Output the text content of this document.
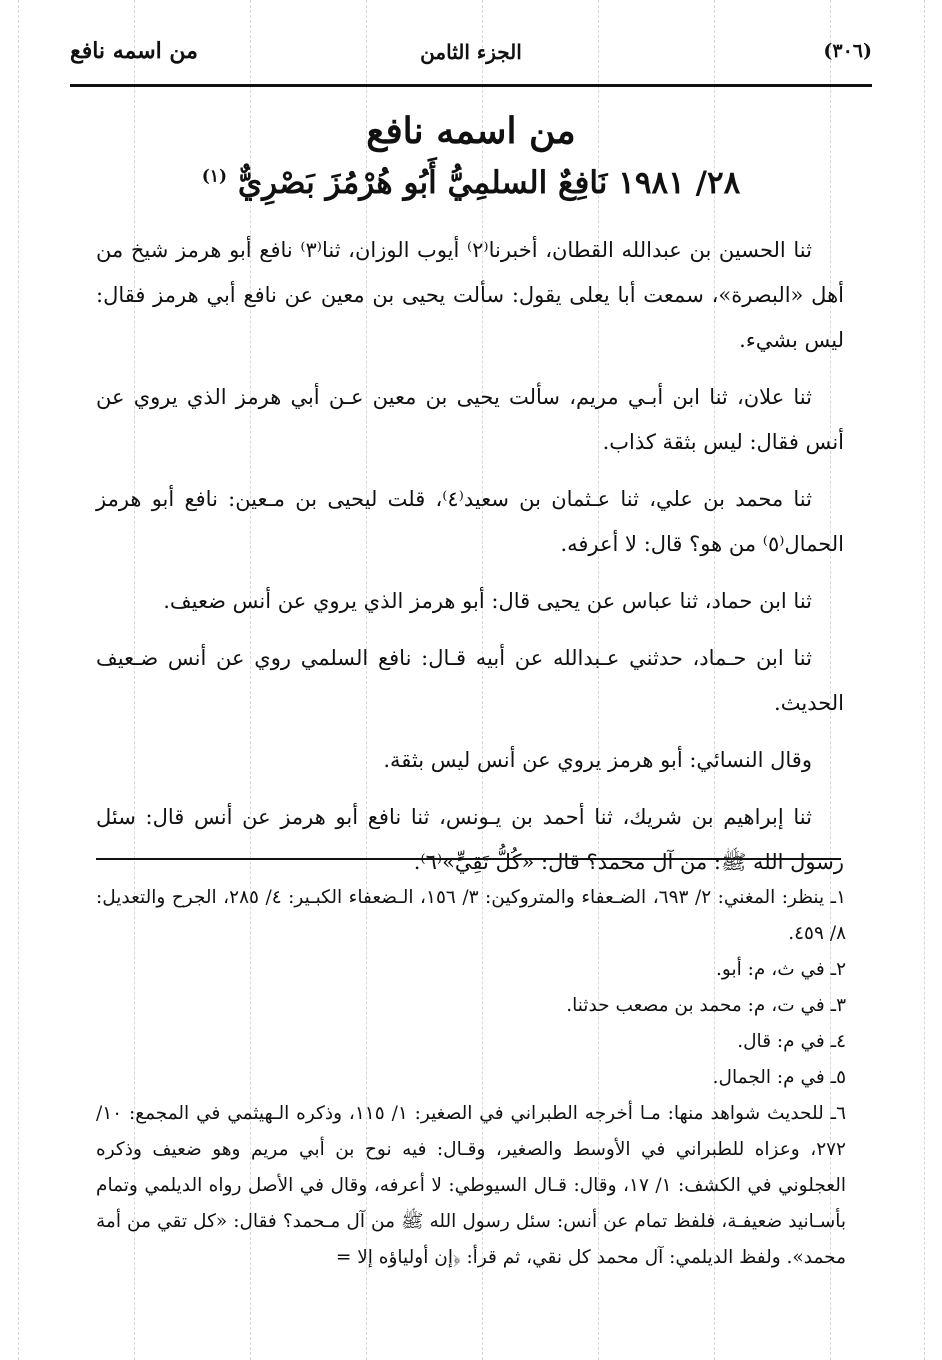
من اسمه نافع	الجزء الثامن	(٣٠٦)
من اسمه نافع
٢٨/ ١٩٨١ نَافِعٌ السلمِيُّ أَبُو هُرْمُزَ بَصْرِيٌّ $^{(١)}$

ثنا الحسين بن عبدالله القطان، أخبرنا⁽٢⁾ أيوب الوزان، ثنا⁽٣⁾ نافع أبو هرمز شيخ من أهل «البصرة»، سمعت أبا يعلى يقول: سألت يحيى بن معين عن نافع أبي هرمز فقال: ليس بشيء.

ثنا علان، ثنا ابن أبـي مريم، سألت يحيى بن معين عـن أبي هرمز الذي يروي عن أنس فقال: ليس بثقة كذاب.

ثنا محمد بن علي، ثنا عـثمان بن سعيد⁽٤⁾، قلت ليحيى بن مـعين: نافع أبو هرمز الحمال⁽٥⁾ من هو؟ قال: لا أعرفه.

ثنا ابن حماد، ثنا عباس عن يحيى قال: أبو هرمز الذي يروي عن أنس ضعيف.

ثنا ابن حـماد، حدثني عـبدالله عن أبيه قـال: نافع السلمي روي عن أنس ضـعيف الحديث.

وقال النسائي: أبو هرمز يروي عن أنس ليس بثقة.

ثنا إبراهيم بن شريك، ثنا أحمد بن يـونس، ثنا نافع أبو هرمز عن أنس قال: سئل رسول الله ﷺ: من آل محمد؟ قال: «كُلُّ تَقِيٍّ»⁽٦⁾.

١ـ ينظر: المغني: ٢/ ٦٩٣، الضـعفاء والمتروكين: ٣/ ١٥٦، الـضعفاء الكبـير: ٤/ ٢٨٥، الجرح والتعديل: ٨/ ٤٥٩.

٢ـ في ث، م: أبو.

٣ـ في ت، م: محمد بن مصعب حدثنا.

٤ـ في م: قال.

٥ـ في م: الجمال.

٦ـ للحديث شواهد منها: مـا أخرجه الطبراني في الصغير: ١/ ١١٥، وذكره الـهيثمي في المجمع: ١٠/ ٢٧٢، وعزاه للطبراني في الأوسط والصغير، وقـال: فيه نوح بن أبي مريم وهو ضعيف وذكره العجلوني في الكشف: ١/ ١٧، وقال: قـال السيوطي: لا أعرفه، وقال في الأصل رواه الديلمي وتمام بأسـانيد ضعيفـة، فلفظ تمام عن أنس: سئل رسول الله ﷺ من آل مـحمد؟ فقال: «كل تقي من أمة محمد». ولفظ الديلمي: آل محمد كل نقي، ثم قرأ: ﴿إن أولياؤه إلا =
